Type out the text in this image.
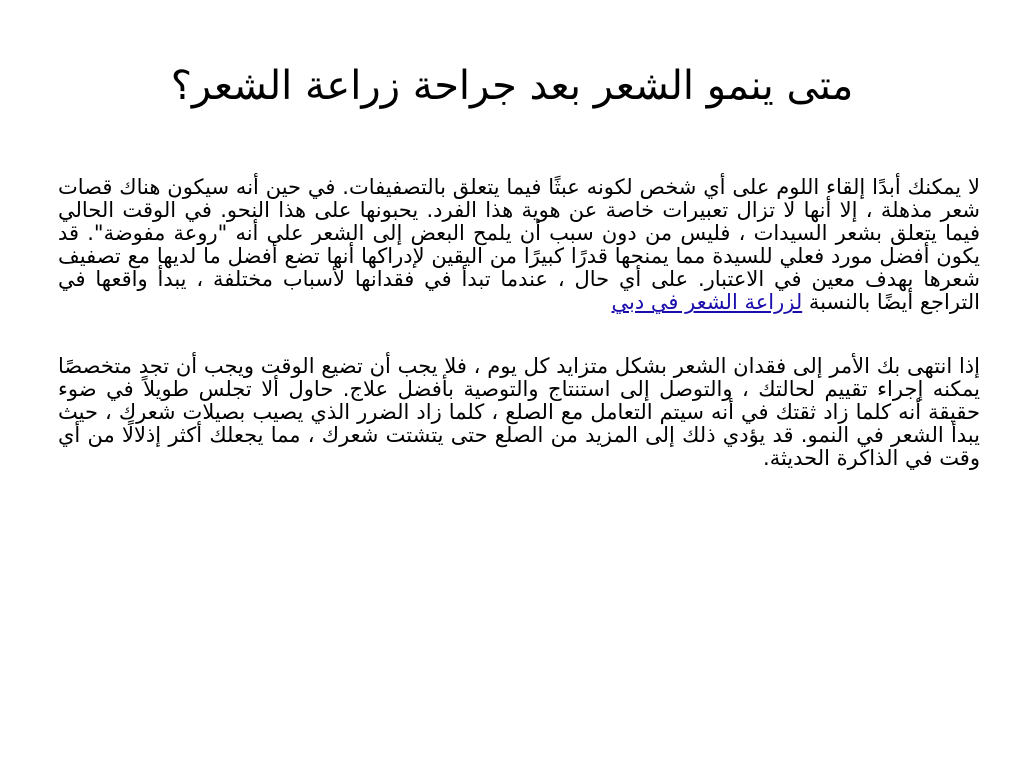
متى ينمو الشعر بعد جراحة زراعة الشعر؟

لا يمكنك أبدًا إلقاء اللوم على أي شخص لكونه عبثًا فيما يتعلق بالتصفيفات. في حين أنه سيكون هناك قصات شعر مذهلة ، إلا أنها لا تزال تعبيرات خاصة عن هوية هذا الفرد. يحبونها على هذا النحو. في الوقت الحالي فيما يتعلق بشعر السيدات ، فليس من دون سبب أن يلمح البعض إلى الشعر على أنه "روعة مفوضة". قد يكون أفضل مورد فعلي للسيدة مما يمنحها قدرًا كبيرًا من اليقين لإدراكها أنها تضع أفضل ما لديها مع تصفيف شعرها بهدف معين في الاعتبار. على أي حال ، عندما تبدأ في فقدانها لأسباب مختلفة ، يبدأ واقعها في التراجع أيضًا بالنسبة لزراعة الشعر في دبي

إذا انتهى بك الأمر إلى فقدان الشعر بشكل متزايد كل يوم ، فلا يجب أن تضيع الوقت ويجب أن تجد متخصصًا يمكنه إجراء تقييم لحالتك ، والتوصل إلى استنتاج والتوصية بأفضل علاج. حاول ألا تجلس طويلاً في ضوء حقيقة أنه كلما زاد ثقتك في أنه سيتم التعامل مع الصلع ، كلما زاد الضرر الذي يصيب بصيلات شعرك ، حيث يبدأ الشعر في النمو. قد يؤدي ذلك إلى المزيد من الصلع حتى يتشتت شعرك ، مما يجعلك أكثر إذلالًا من أي وقت في الذاكرة الحديثة.
